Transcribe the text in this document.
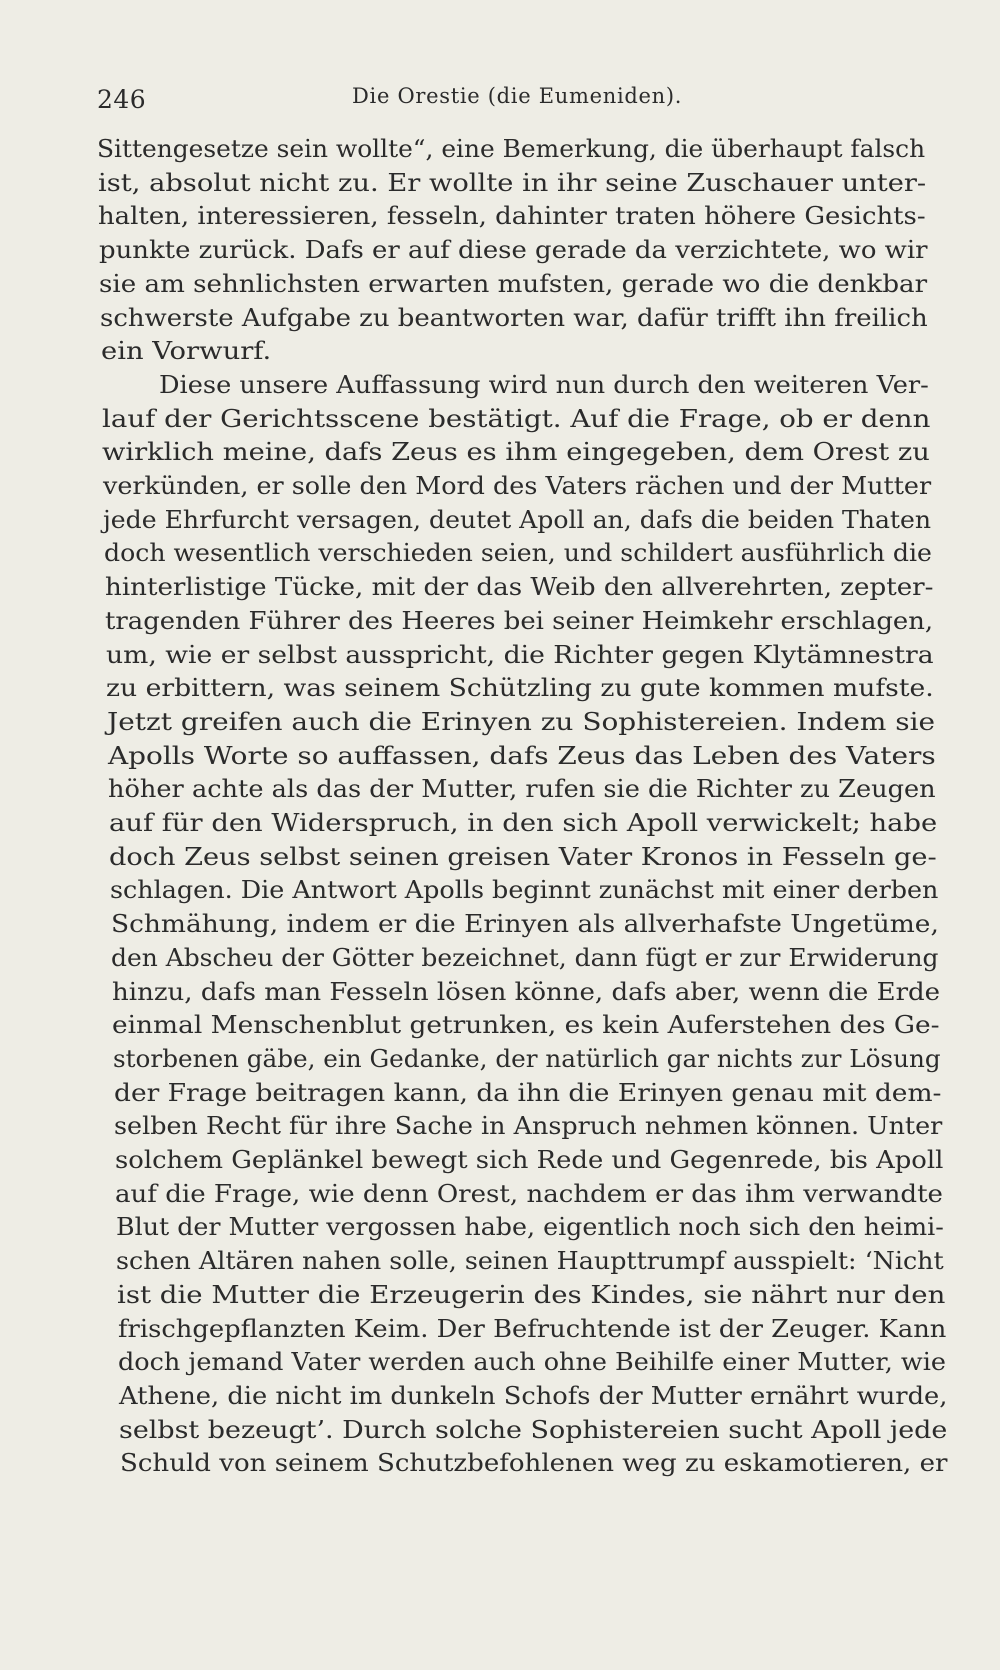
246	Die Orestie (die Eumeniden).
Sittengesetze sein wollte“, eine Bemerkung, die überhaupt falsch
ist, absolut nicht zu. Er wollte in ihr seine Zuschauer unter-
halten, interessieren, fesseln, dahinter traten höhere Gesichts-
punkte zurück. Dafs er auf diese gerade da verzichtete, wo wir
sie am sehnlichsten erwarten mufsten, gerade wo die denkbar
schwerste Aufgabe zu beantworten war, dafür trifft ihn freilich
ein Vorwurf.
Diese unsere Auffassung wird nun durch den weiteren Ver-
lauf der Gerichtsscene bestätigt. Auf die Frage, ob er denn
wirklich meine, dafs Zeus es ihm eingegeben, dem Orest zu
verkünden, er solle den Mord des Vaters rächen und der Mutter
jede Ehrfurcht versagen, deutet Apoll an, dafs die beiden Thaten
doch wesentlich verschieden seien, und schildert ausführlich die
hinterlistige Tücke, mit der das Weib den allverehrten, zepter-
tragenden Führer des Heeres bei seiner Heimkehr erschlagen,
um, wie er selbst ausspricht, die Richter gegen Klytämnestra
zu erbittern, was seinem Schützling zu gute kommen mufste.
Jetzt greifen auch die Erinyen zu Sophistereien. Indem sie
Apolls Worte so auffassen, dafs Zeus das Leben des Vaters
höher achte als das der Mutter, rufen sie die Richter zu Zeugen
auf für den Widerspruch, in den sich Apoll verwickelt; habe
doch Zeus selbst seinen greisen Vater Kronos in Fesseln ge-
schlagen. Die Antwort Apolls beginnt zunächst mit einer derben
Schmähung, indem er die Erinyen als allverhafste Ungetüme,
den Abscheu der Götter bezeichnet, dann fügt er zur Erwiderung
hinzu, dafs man Fesseln lösen könne, dafs aber, wenn die Erde
einmal Menschenblut getrunken, es kein Auferstehen des Ge-
storbenen gäbe, ein Gedanke, der natürlich gar nichts zur Lösung
der Frage beitragen kann, da ihn die Erinyen genau mit dem-
selben Recht für ihre Sache in Anspruch nehmen können. Unter
solchem Geplänkel bewegt sich Rede und Gegenrede, bis Apoll
auf die Frage, wie denn Orest, nachdem er das ihm verwandte
Blut der Mutter vergossen habe, eigentlich noch sich den heimi-
schen Altären nahen solle, seinen Haupttrumpf ausspielt: ‘Nicht
ist die Mutter die Erzeugerin des Kindes, sie nährt nur den
frischgepflanzten Keim. Der Befruchtende ist der Zeuger. Kann
doch jemand Vater werden auch ohne Beihilfe einer Mutter, wie
Athene, die nicht im dunkeln Schofs der Mutter ernährt wurde,
selbst bezeugt’. Durch solche Sophistereien sucht Apoll jede
Schuld von seinem Schutzbefohlenen weg zu eskamotieren, er
